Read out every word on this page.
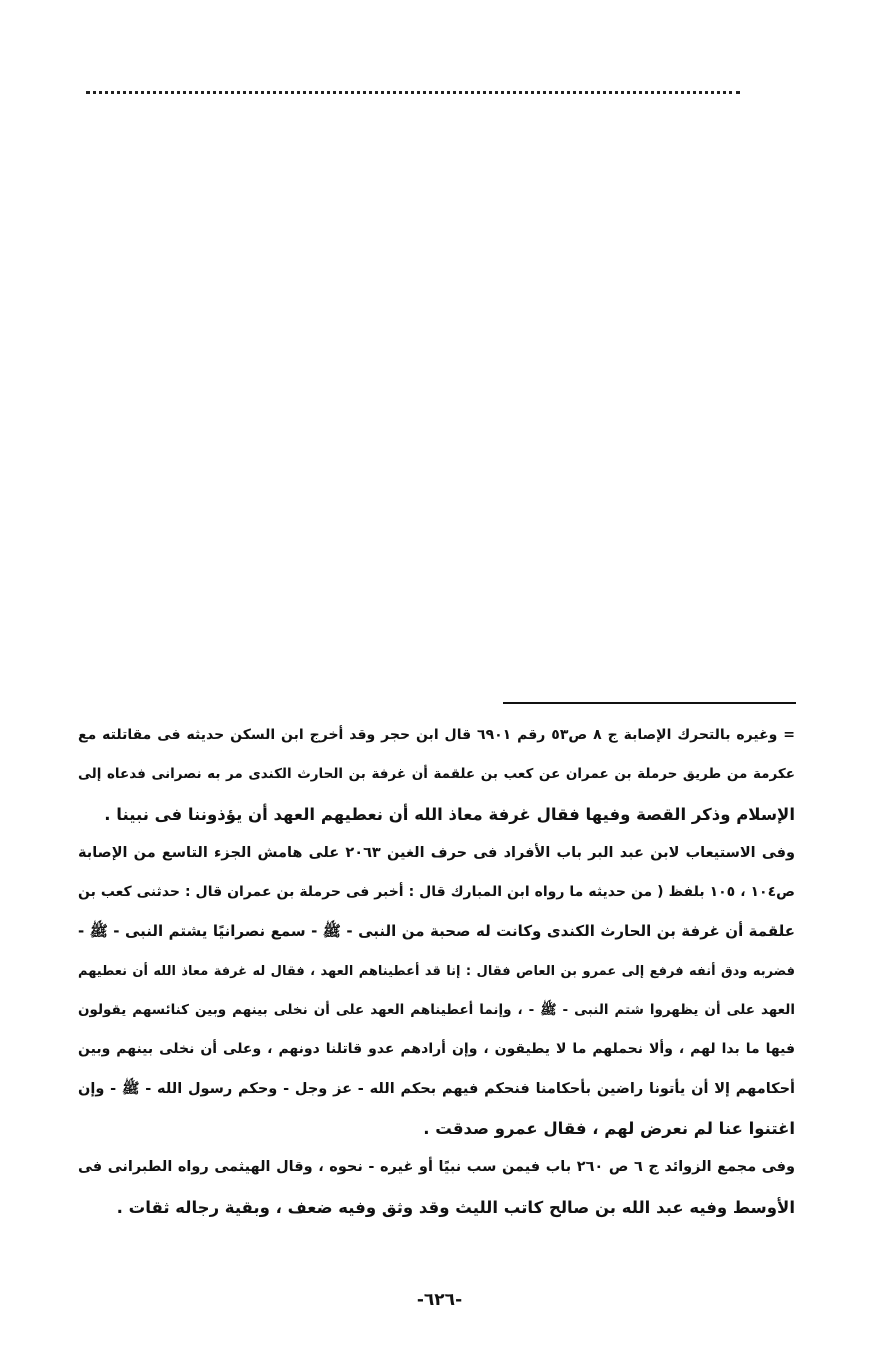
= وغيره بالتحرك الإصابة ج ٨ ص٥٣ رقم ٦٩٠١ قال ابن حجر وقد أخرج ابن السكن حديثه فى مقاتلته مع
عكرمة من طريق حرملة بن عمران عن كعب بن علقمة أن غرفة بن الحارث الكندى مر به نصرانى فدعاه إلى
الإسلام وذكر القصة وفيها فقال غرفة معاذ الله أن نعطيهم العهد أن يؤذوننا فى نبينا .
وفى الاستيعاب لابن عبد البر باب الأفراد فى حرف الغين ٢٠٦٣ على هامش الجزء التاسع من الإصابة
ص١٠٤ ، ١٠٥ بلفظ ( من حديثه ما رواه ابن المبارك قال : أخبر فى حرملة بن عمران قال : حدثنى كعب بن
علقمة أن غرفة بن الحارث الكندى وكانت له صحبة من النبى - ﷺ - سمع نصرانيًا يشتم النبى - ﷺ -
فضربه ودق أنفه فرفع إلى عمرو بن العاص فقال : إنا قد أعطيناهم العهد ، فقال له غرفة معاذ الله أن نعطيهم
العهد على أن يظهروا شتم النبى - ﷺ - ، وإنما أعطيناهم العهد على أن نخلى بينهم وبين كنائسهم يقولون
فيها ما بدا لهم ، وألا نحملهم ما لا يطيقون ، وإن أرادهم عدو قاتلنا دونهم ، وعلى أن نخلى بينهم وبين
أحكامهم إلا أن يأتونا راضين بأحكامنا فنحكم فيهم بحكم الله - عز وجل - وحكم رسول الله - ﷺ - وإن
اغتنوا عنا لم نعرض لهم ، فقال عمرو صدقت .
وفى مجمع الزوائد ج ٦ ص ٢٦٠ باب فيمن سب نبيًا أو غيره - نحوه ، وقال الهيثمى رواه الطبرانى فى
الأوسط وفيه عبد الله بن صالح كاتب الليث وقد وثق وفيه ضعف ، وبقية رجاله ثقات .
-٦٢٦-
